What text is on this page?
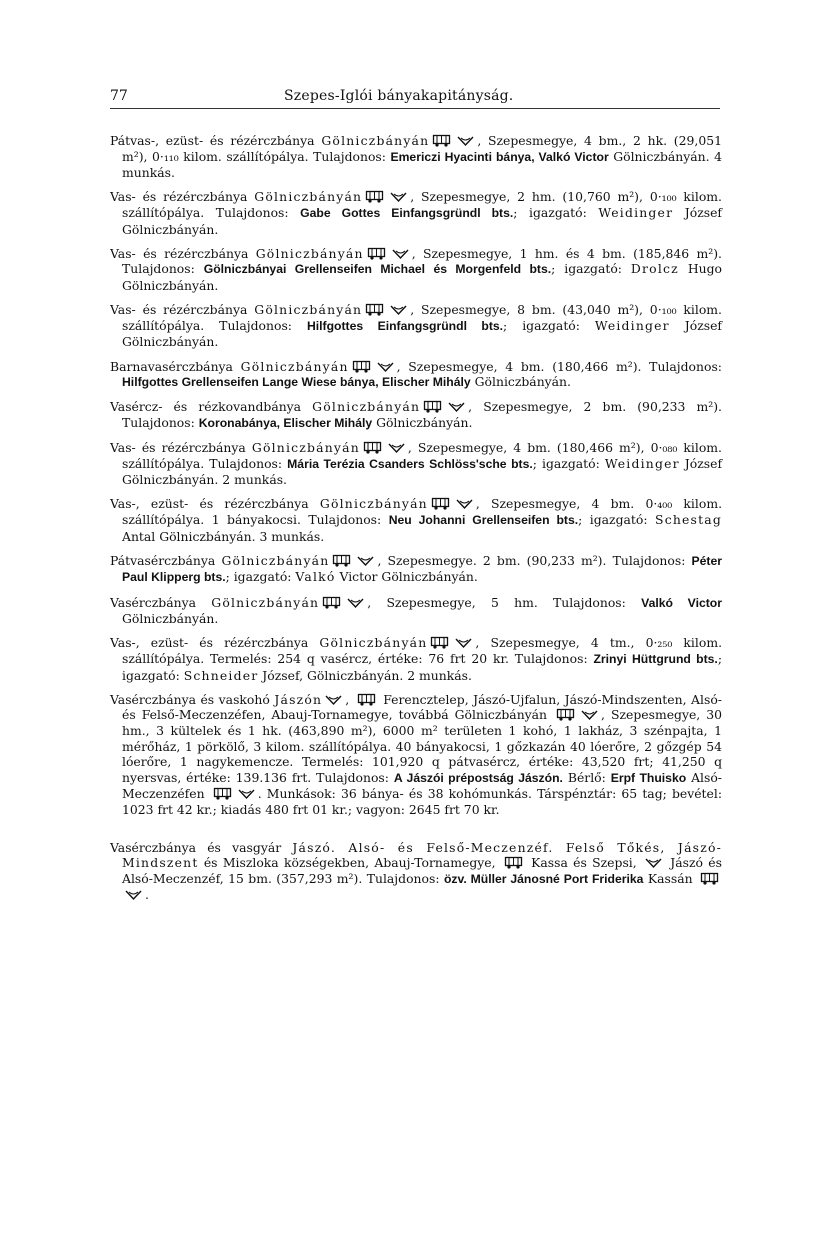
77	Szepes-Iglói bányakapitányság.

Pátvas-, ezüst- és rézérczbánya Gölniczbányán	, Szepesmegye, 4 bm., 2 hk. (29,051 m²), 0·₁₁₀ kilom. szállítópálya. Tulajdonos: Emericzi Hyacinti bánya, Valkó Victor Gölniczbányán. 4 munkás.

Vas- és rézérczbánya Gölniczbányán	, Szepesmegye, 2 hm. (10,760 m²), 0·₁₀₀ kilom. szállítópálya. Tulajdonos: Gabe Gottes Einfangsgründl bts.; igazgató: Weidinger József Gölniczbányán.

Vas- és rézérczbánya Gölniczbányán	, Szepesmegye, 1 hm. és 4 bm. (185,846 m²). Tulajdonos: Gölniczbányai Grellenseifen Michael és Morgenfeld bts.; igazgató: Drolcz Hugo Gölniczbányán.

Vas- és rézérczbánya Gölniczbányán	, Szepesmegye, 8 bm. (43,040 m²), 0·₁₀₀ kilom. szállítópálya. Tulajdonos: Hilfgottes Einfangsgründl bts.; igazgató: Weidinger József Gölniczbányán.

Barnavasérczbánya Gölniczbányán	, Szepesmegye, 4 bm. (180,466 m²). Tulajdonos: Hilfgottes Grellenseifen Lange Wiese bánya, Elischer Mihály Gölniczbányán.

Vasércz- és rézkovandbánya Gölniczbányán	, Szepesmegye, 2 bm. (90,233 m²). Tulajdonos: Koronabánya, Elischer Mihály Gölniczbányán.

Vas- és rézérczbánya Gölniczbányán	, Szepesmegye, 4 bm. (180,466 m²), 0·₀₈₀ kilom. szállítópálya. Tulajdonos: Mária Terézia Csanders Schlöss'sche bts.; igazgató: Weidinger József Gölniczbányán. 2 munkás.

Vas-, ezüst- és rézérczbánya Gölniczbányán	, Szepesmegye, 4 bm. 0·₄₀₀ kilom. szállítópálya. 1 bányakocsi. Tulajdonos: Neu Johanni Grellenseifen bts.; igazgató: Schestag Antal Gölniczbányán. 3 munkás.

Pátvasérczbánya Gölniczbányán	, Szepesmegye. 2 bm. (90,233 m²). Tulajdonos: Péter Paul Klipperg bts.; igazgató: Valkó Victor Gölniczbányán.

Vasérczbánya Gölniczbányán	, Szepesmegye, 5 hm. Tulajdonos: Valkó Victor Gölniczbányán.

Vas-, ezüst- és rézérczbánya Gölniczbányán	, Szepesmegye, 4 tm., 0·₂₅₀ kilom. szállítópálya. Termelés: 254 q vasércz, értéke: 76 frt 20 kr. Tulajdonos: Zrinyi Hüttgrund bts.; igazgató: Schneider József, Gölniczbányán. 2 munkás.

Vasérczbánya és vaskohó Jászón ,
Ferencztelep, Jászó-Ujfalun, Jászó-Mindszenten, Alsó- és Felső-Meczenzéfen, Abauj-Tornamegye, továbbá Gölniczbányán	, Szepesmegye, 30 hm., 3 kültelek és 1 hk. (463,890 m²), 6000 m² területen 1 kohó, 1 lakház, 3 szénpajta, 1 mérőház, 1 pörkölő, 3 kilom. szállítópálya. 40 bányakocsi, 1 gőzkazán 40 lóerőre, 2 gőzgép 54 lóerőre, 1 nagykemencze. Termelés: 101,920 q pátvasércz, értéke: 43,520 frt; 41,250 q nyersvas, értéke: 139.136 frt. Tulajdonos: A Jászói prépostság Jászón. Bérlő: Erpf Thuisko Alsó-Meczenzéfen	. Munkások: 36 bánya- és 38 kohómunkás. Társpénztár: 65 tag; bevétel: 1023 frt 42 kr.; kiadás 480 frt 01 kr.; vagyon: 2645 frt 70 kr.

Vasérczbánya és vasgyár Jászó. Alsó- és Felső-Meczenzéf. Felső Tőkés, Jászó-Mindszent és Miszloka községekben, Abauj-Tornamegye,
Kassa és Szepsi,
Jászó és Alsó-Meczenzéf, 15 bm. (357,293 m²). Tulajdonos: özv. Müller Jánosné Port Friderika Kassán
.
